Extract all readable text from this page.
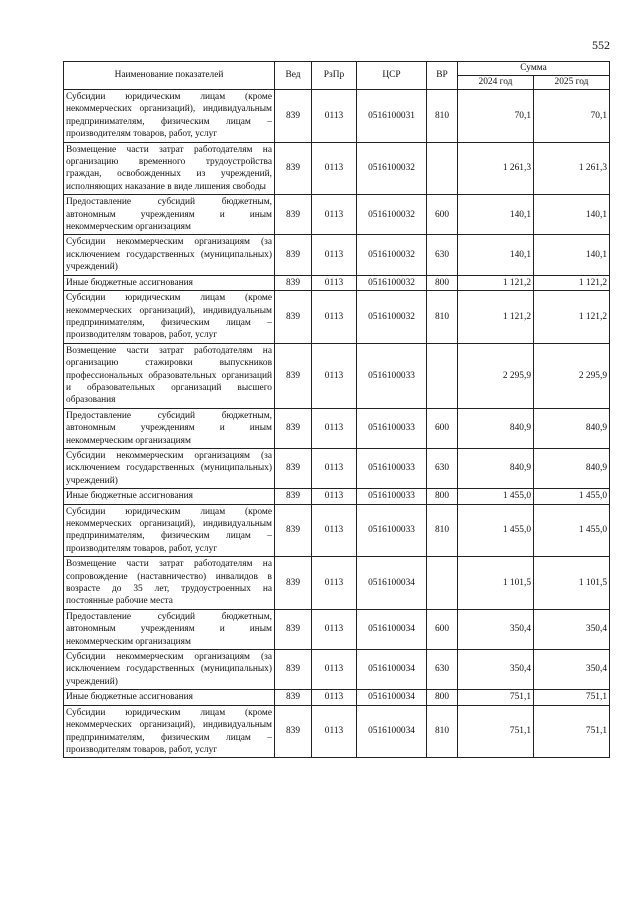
552
Наименование показателей	Вед	РзПр	ЦСР	ВР	Сумма	
					2024 год	2025 год
Субсидии юридическим лицам (кроме некоммерческих организаций), индивидуальным предпринимателям, физическим лицам – производителям товаров, работ, услуг	839	0113	0516100031	810	70,1	70,1
Возмещение части затрат работодателям на организацию временного трудоустройства граждан, освобожденных из учреждений, исполняющих наказание в виде лишения свободы	839	0113	0516100032		1 261,3	1 261,3
Предоставление субсидий бюджетным, автономным учреждениям и иным некоммерческим организациям	839	0113	0516100032	600	140,1	140,1
Субсидии некоммерческим организациям (за исключением государственных (муниципальных) учреждений)	839	0113	0516100032	630	140,1	140,1
Иные бюджетные ассигнования	839	0113	0516100032	800	1 121,2	1 121,2
Субсидии юридическим лицам (кроме некоммерческих организаций), индивидуальным предпринимателям, физическим лицам – производителям товаров, работ, услуг	839	0113	0516100032	810	1 121,2	1 121,2
Возмещение части затрат работодателям на организацию стажировки выпускников профессиональных образовательных организаций и образовательных организаций высшего образования	839	0113	0516100033		2 295,9	2 295,9
Предоставление субсидий бюджетным, автономным учреждениям и иным некоммерческим организациям	839	0113	0516100033	600	840,9	840,9
Субсидии некоммерческим организациям (за исключением государственных (муниципальных) учреждений)	839	0113	0516100033	630	840,9	840,9
Иные бюджетные ассигнования	839	0113	0516100033	800	1 455,0	1 455,0
Субсидии юридическим лицам (кроме некоммерческих организаций), индивидуальным предпринимателям, физическим лицам – производителям товаров, работ, услуг	839	0113	0516100033	810	1 455,0	1 455,0
Возмещение части затрат работодателям на сопровождение (наставничество) инвалидов в возрасте до 35 лет, трудоустроенных на постоянные рабочие места	839	0113	0516100034		1 101,5	1 101,5
Предоставление субсидий бюджетным, автономным учреждениям и иным некоммерческим организациям	839	0113	0516100034	600	350,4	350,4
Субсидии некоммерческим организациям (за исключением государственных (муниципальных) учреждений)	839	0113	0516100034	630	350,4	350,4
Иные бюджетные ассигнования	839	0113	0516100034	800	751,1	751,1
Субсидии юридическим лицам (кроме некоммерческих организаций), индивидуальным предпринимателям, физическим лицам – производителям товаров, работ, услуг	839	0113	0516100034	810	751,1	751,1
